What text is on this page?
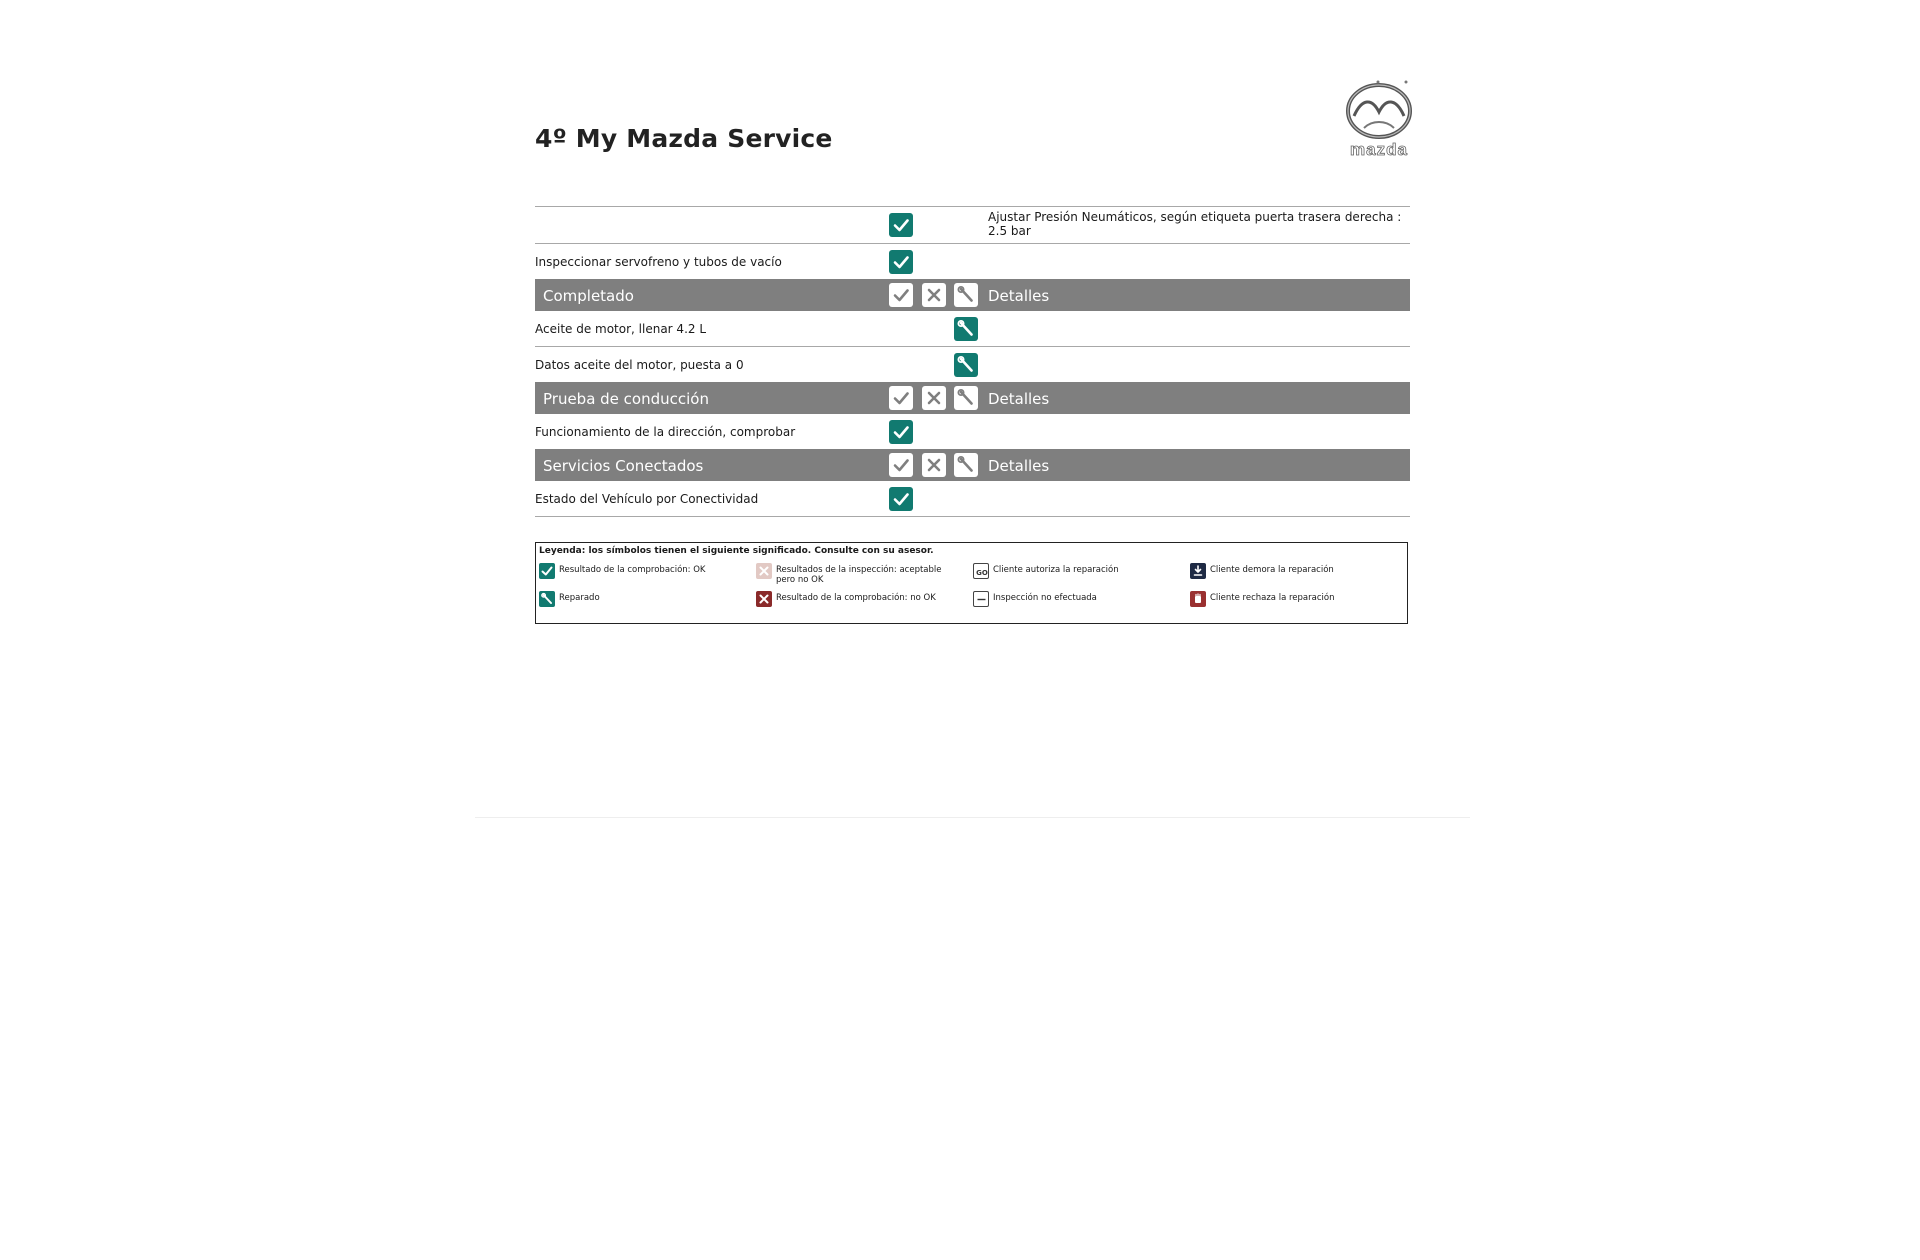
4º My Mazda Service	mazda
Ajustar Presión Neumáticos, según etiqueta puerta trasera derecha : 2.5 bar
Inspeccionar servofreno y tubos de vacío
Completado	Detalles
Aceite de motor, llenar 4.2 L
Datos aceite del motor, puesta a 0
Prueba de conducción	Detalles
Funcionamiento de la dirección, comprobar
Servicios Conectados	Detalles
Estado del Vehículo por Conectividad
Leyenda: los símbolos tienen el siguiente significado. Consulte con su asesor.
Resultado de la comprobación: OK	Resultados de la inspección: aceptable pero no OK
GO Cliente autoriza la reparación	Cliente demora la reparación
Reparado	Resultado de la comprobación: no OK	Inspección no efectuada	Cliente rechaza la reparación
